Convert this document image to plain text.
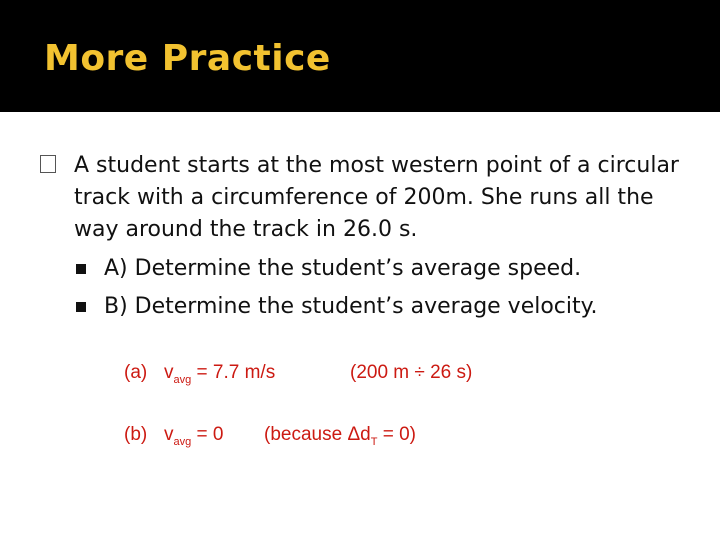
More Practice
A student starts at the most western point of a circular track with a circumference of 200m. She runs all the way around the track in 26.0 s.
A) Determine the student’s average speed.
B) Determine the student’s average velocity.
(a) $v_{avg} = 7.7$ m/s	(200 m ÷ 26 s)
(b) $v_{avg} = 0$	(because $\Delta d_T = 0$)
